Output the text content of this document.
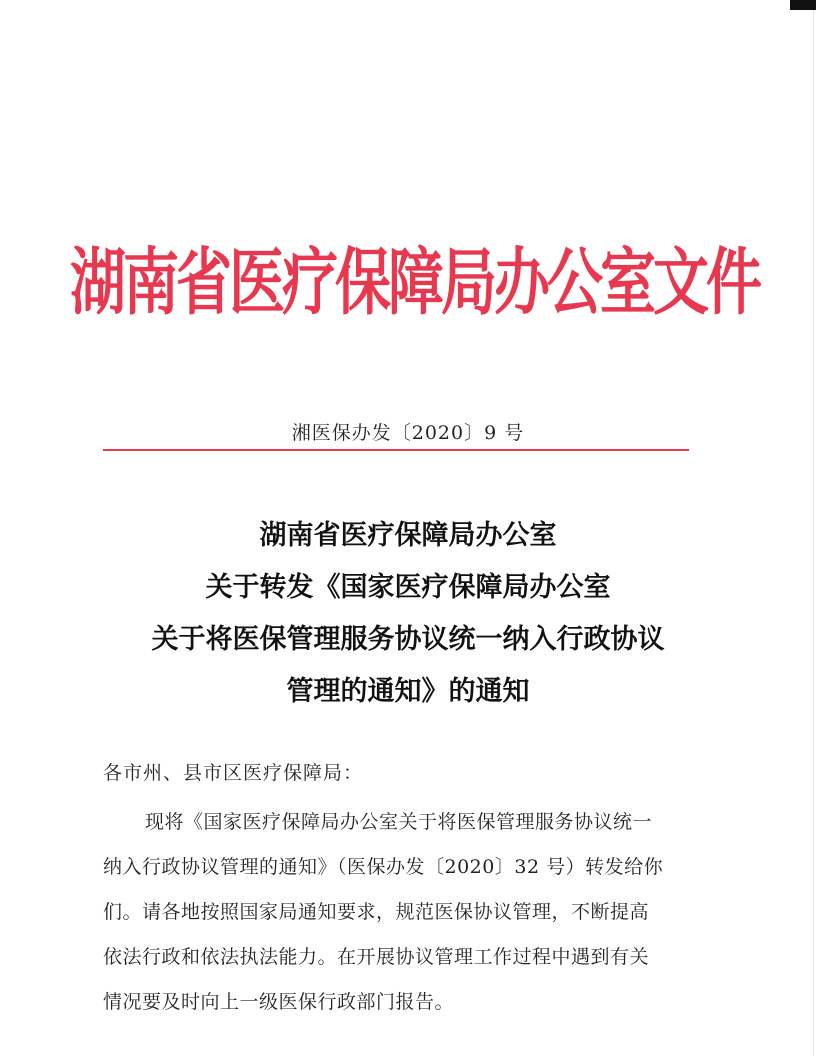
湖南省医疗保障局办公室文件
湘医保办发〔2020〕9 号
湖南省医疗保障局办公室
关于转发《国家医疗保障局办公室
关于将医保管理服务协议统一纳入行政协议
管理的通知》的通知
各市州、县市区医疗保障局：
现将《国家医疗保障局办公室关于将医保管理服务协议统一
纳入行政协议管理的通知》（医保办发〔2020〕32 号）转发给你
们。请各地按照国家局通知要求，规范医保协议管理，不断提高
依法行政和依法执法能力。在开展协议管理工作过程中遇到有关
情况要及时向上一级医保行政部门报告。
